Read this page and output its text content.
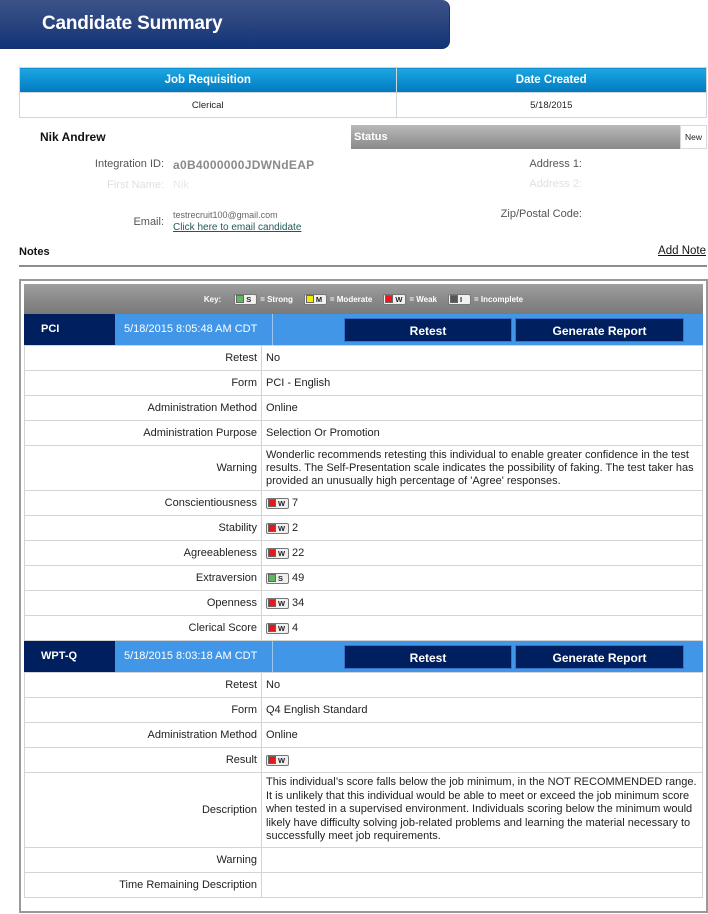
Candidate Summary
Job Requisition	Date Created
Clerical	5/18/2015
Nik Andrew	Status	New
Integration ID: a0B4000000JDWNdEAP
First Name: Nik
Email:
testrecruit100@gmail.com
Click here to email candidate
Address 1:
Address 2:
Zip/Postal Code:
Notes	Add Note
Key:	S = Strong	M = Moderate	W = Weak	I = Incomplete
PCI	5/18/2015 8:05:48 AM CDT	Retest	Generate Report
Retest	No
Form	PCI - English
Administration Method	Online
Administration Purpose	Selection Or Promotion
Warning	Wonderlic recommends retesting this individual to enable greater confidence in the test results. The Self-Presentation scale indicates the possibility of faking. The test taker has provided an unusually high percentage of 'Agree' responses.
Conscientiousness	W 7
Stability	W 2
Agreeableness	W 22
Extraversion	S 49
Openness	W 34
Clerical Score	W 4
WPT-Q	5/18/2015 8:03:18 AM CDT	Retest	Generate Report
Retest	No
Form	Q4 English Standard
Administration Method	Online
Result	W

Description	This individual’s score falls below the job minimum, in the NOT RECOMMENDED range. It is unlikely that this individual would be able to meet or exceed the job minimum score when tested in a supervised environment. Individuals scoring below the minimum would likely have difficulty solving job-related problems and learning the material necessary to successfully meet job requirements.
Warning	
Time Remaining Description	
